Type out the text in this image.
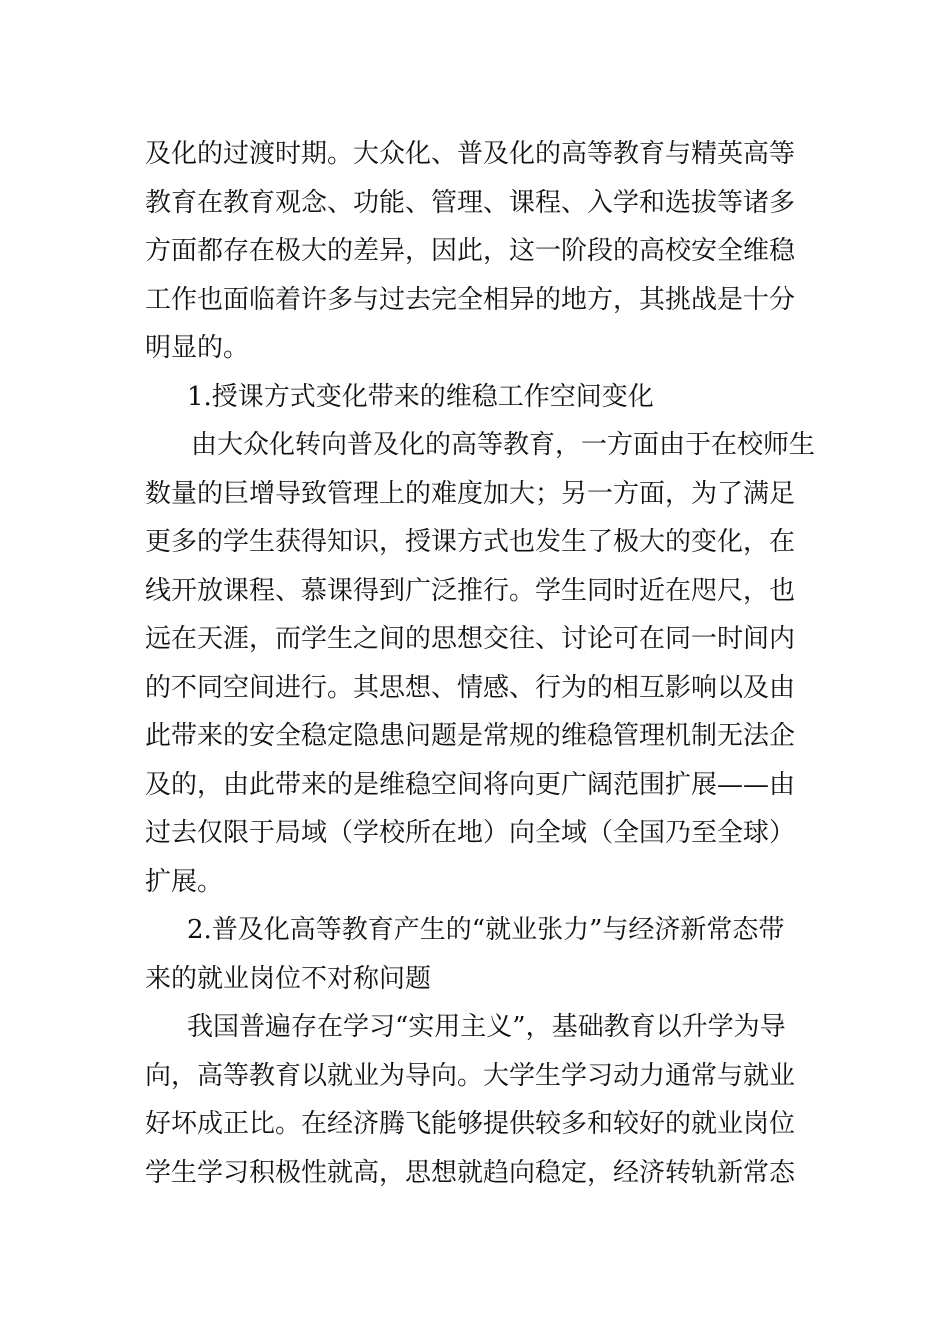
及化的过渡时期。大众化、普及化的高等教育与精英高等
教育在教育观念、功能、管理、课程、入学和选拔等诸多
方面都存在极大的差异，因此，这一阶段的高校安全维稳
工作也面临着许多与过去完全相异的地方，其挑战是十分
明显的。
1.授课方式变化带来的维稳工作空间变化
由大众化转向普及化的高等教育，一方面由于在校师生
数量的巨增导致管理上的难度加大；另一方面，为了满足
更多的学生获得知识，授课方式也发生了极大的变化，在
线开放课程、慕课得到广泛推行。学生同时近在咫尺，也
远在天涯，而学生之间的思想交往、讨论可在同一时间内
的不同空间进行。其思想、情感、行为的相互影响以及由
此带来的安全稳定隐患问题是常规的维稳管理机制无法企
及的，由此带来的是维稳空间将向更广阔范围扩展——由
过去仅限于局域（学校所在地）向全域（全国乃至全球）
扩展。
2.普及化高等教育产生的“就业张力”与经济新常态带
来的就业岗位不对称问题
我国普遍存在学习“实用主义”，基础教育以升学为导
向，高等教育以就业为导向。大学生学习动力通常与就业
好坏成正比。在经济腾飞能够提供较多和较好的就业岗位
学生学习积极性就高，思想就趋向稳定，经济转轨新常态
